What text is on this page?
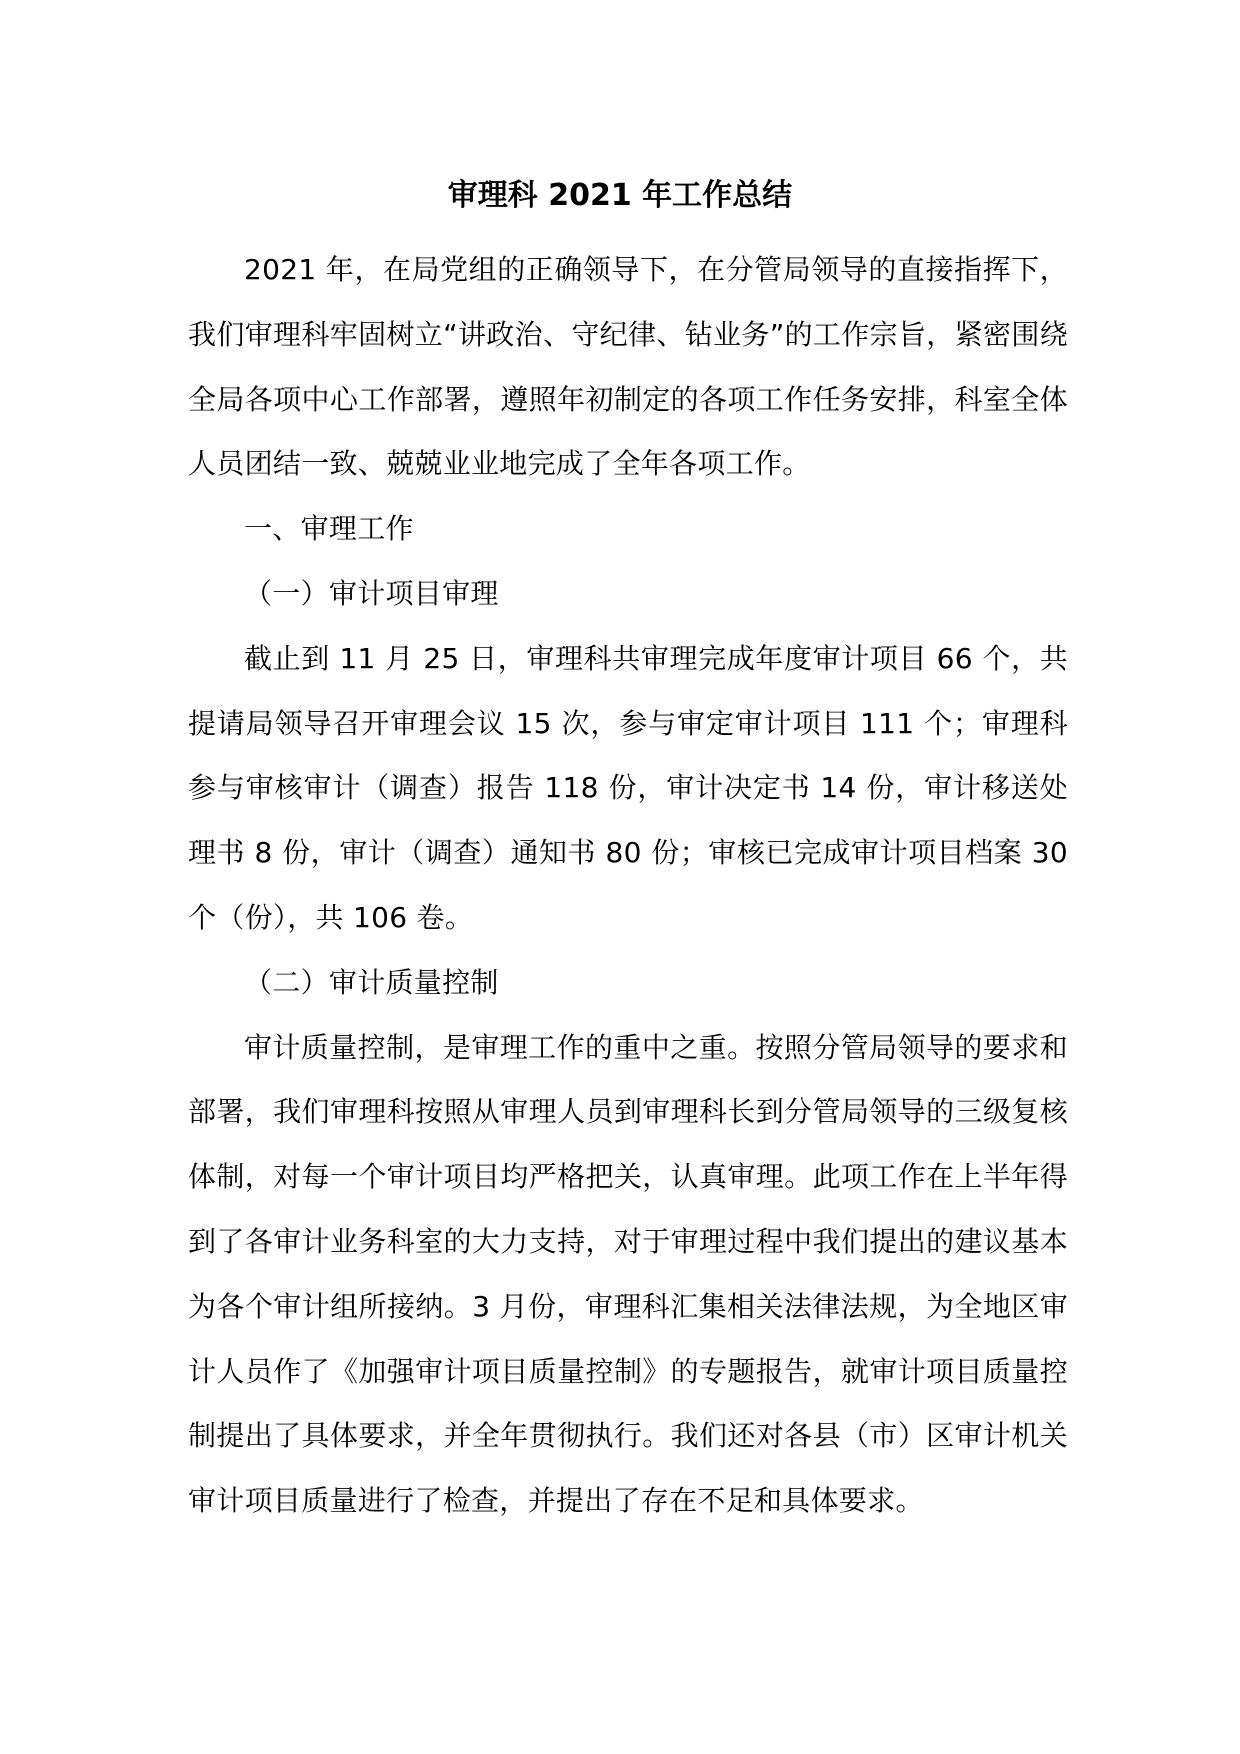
审理科 2021 年工作总结

2021 年，在局党组的正确领导下，在分管局领导的直接指挥下，我们审理科牢固树立“讲政治、守纪律、钻业务”的工作宗旨，紧密围绕全局各项中心工作部署，遵照年初制定的各项工作任务安排，科室全体人员团结一致、兢兢业业地完成了全年各项工作。

一、审理工作

（一）审计项目审理

截止到 11 月 25 日，审理科共审理完成年度审计项目 66 个，共提请局领导召开审理会议 15 次，参与审定审计项目 111 个；审理科参与审核审计（调查）报告 118 份，审计决定书 14 份，审计移送处理书 8 份，审计（调查）通知书 80 份；审核已完成审计项目档案 30 个（份），共 106 卷。

（二）审计质量控制

审计质量控制，是审理工作的重中之重。按照分管局领导的要求和部署，我们审理科按照从审理人员到审理科长到分管局领导的三级复核体制，对每一个审计项目均严格把关，认真审理。此项工作在上半年得到了各审计业务科室的大力支持，对于审理过程中我们提出的建议基本为各个审计组所接纳。3 月份，审理科汇集相关法律法规，为全地区审计人员作了《加强审计项目质量控制》的专题报告，就审计项目质量控制提出了具体要求，并全年贯彻执行。我们还对各县（市）区审计机关审计项目质量进行了检查，并提出了存在不足和具体要求。
